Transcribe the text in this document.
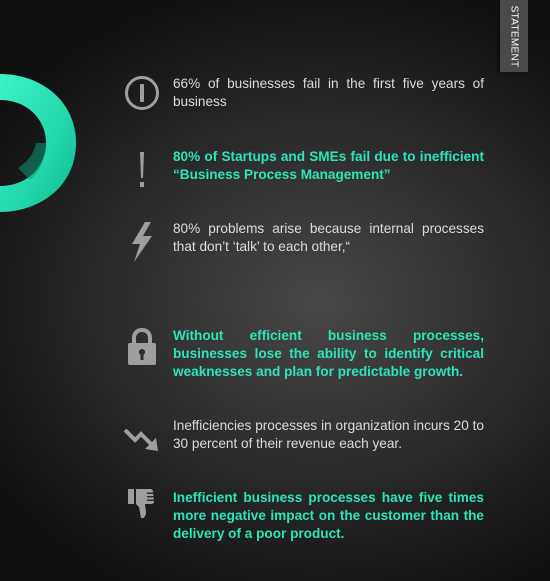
STATEMENT
66% of businesses fail in the first five years of business
80% of Startups and SMEs fail due to inefficient “Business Process Management”
80% problems arise because internal processes that don’t ‘talk’ to each other,“
Without efficient business processes, businesses lose the ability to identify critical weaknesses and plan for predictable growth.
Inefficiencies processes in organization incurs 20 to 30 percent of their revenue each year.
Inefficient business processes have five times more negative impact on the customer than the delivery of a poor product.
